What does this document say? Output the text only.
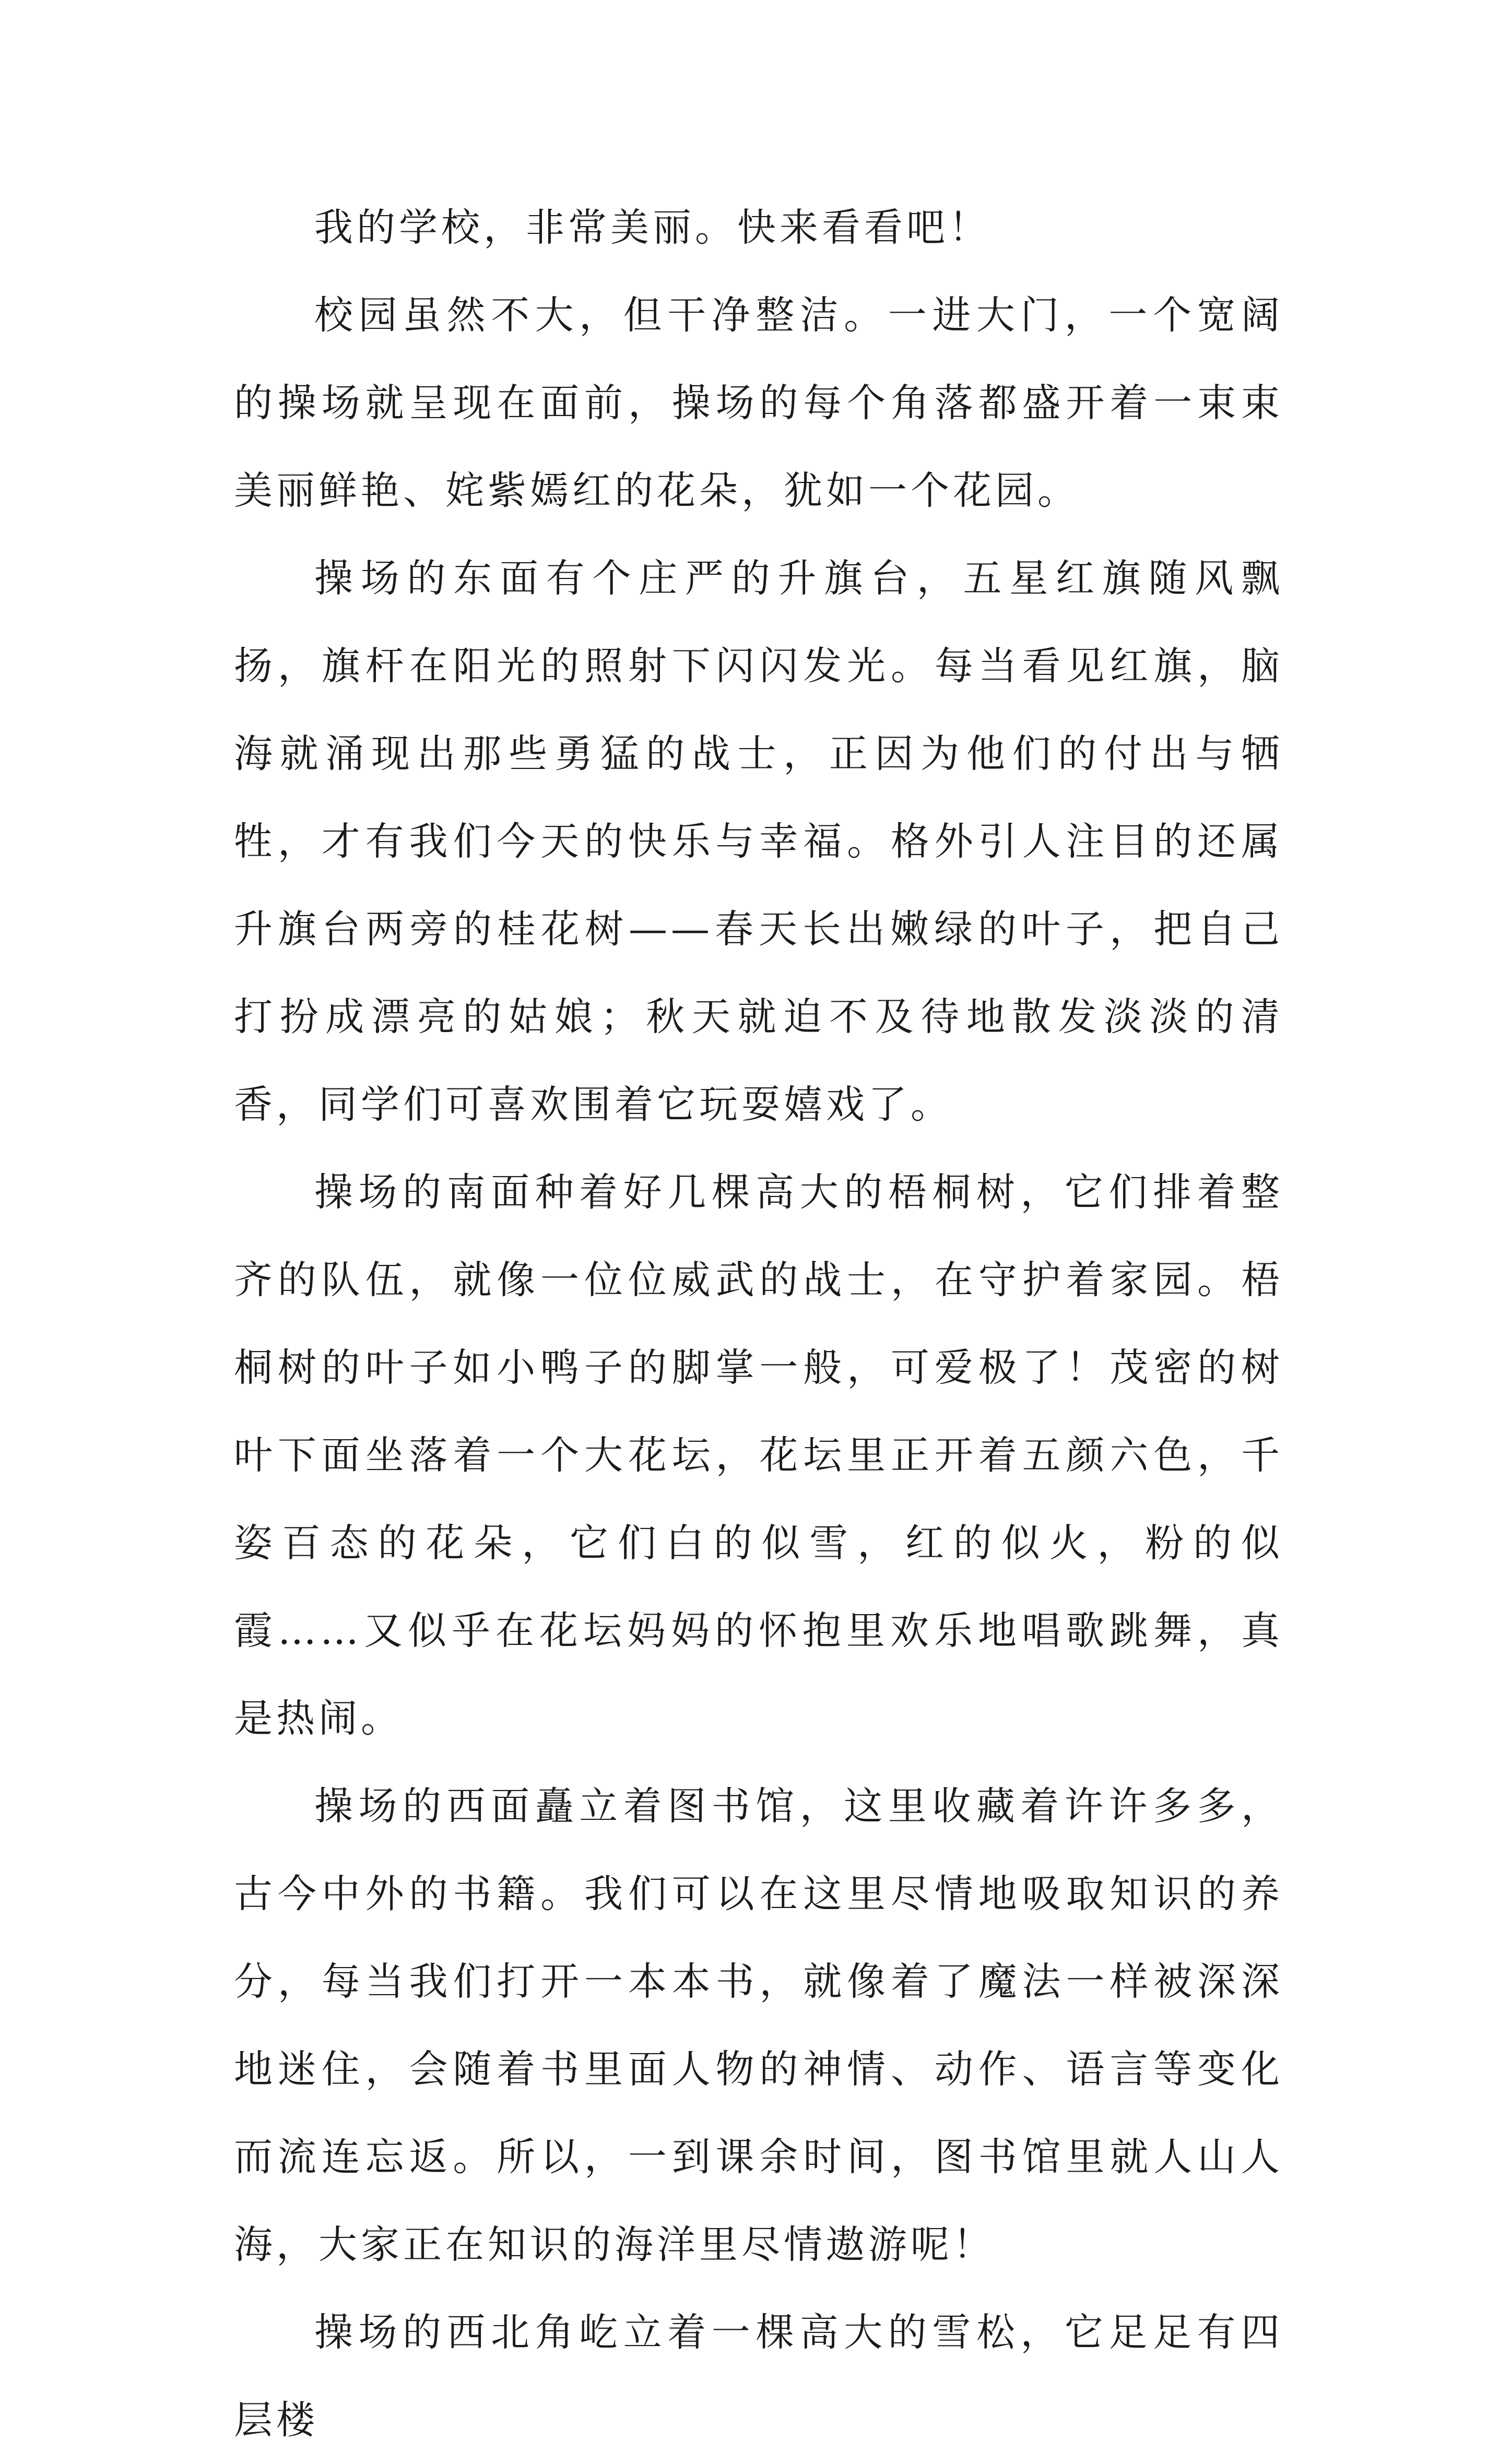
我的学校，非常美丽。快来看看吧！

校园虽然不大，但干净整洁。一进大门，一个宽阔的操场就呈现在面前，操场的每个角落都盛开着一束束美丽鲜艳、姹紫嫣红的花朵，犹如一个花园。

操场的东面有个庄严的升旗台，五星红旗随风飘扬，旗杆在阳光的照射下闪闪发光。每当看见红旗，脑海就涌现出那些勇猛的战士，正因为他们的付出与牺牲，才有我们今天的快乐与幸福。格外引人注目的还属升旗台两旁的桂花树——春天长出嫩绿的叶子，把自己打扮成漂亮的姑娘；秋天就迫不及待地散发淡淡的清香，同学们可喜欢围着它玩耍嬉戏了。

操场的南面种着好几棵高大的梧桐树，它们排着整齐的队伍，就像一位位威武的战士，在守护着家园。梧桐树的叶子如小鸭子的脚掌一般，可爱极了！茂密的树叶下面坐落着一个大花坛，花坛里正开着五颜六色，千姿百态的花朵，它们白的似雪，红的似火，粉的似霞……又似乎在花坛妈妈的怀抱里欢乐地唱歌跳舞，真是热闹。

操场的西面矗立着图书馆，这里收藏着许许多多，古今中外的书籍。我们可以在这里尽情地吸取知识的养分，每当我们打开一本本书，就像着了魔法一样被深深地迷住，会随着书里面人物的神情、动作、语言等变化而流连忘返。所以，一到课余时间，图书馆里就人山人海，大家正在知识的海洋里尽情遨游呢！

操场的西北角屹立着一棵高大的雪松，它足足有四层楼
